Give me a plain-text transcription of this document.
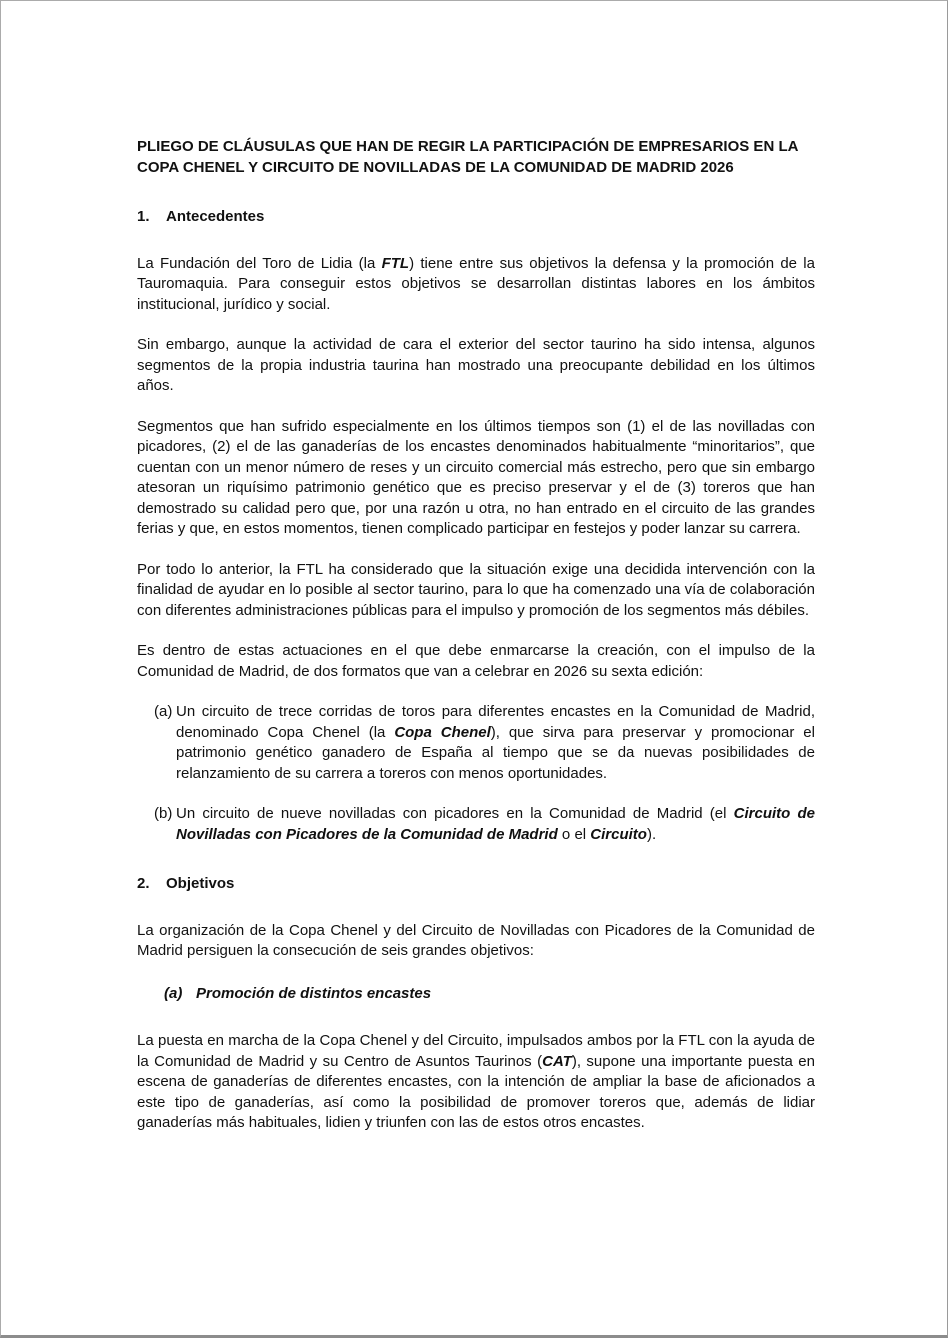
PLIEGO DE CLÁUSULAS QUE HAN DE REGIR LA PARTICIPACIÓN DE EMPRESARIOS EN LA COPA CHENEL Y CIRCUITO DE NOVILLADAS DE LA COMUNIDAD DE MADRID 2026
1. Antecedentes
La Fundación del Toro de Lidia (la FTL) tiene entre sus objetivos la defensa y la promoción de la Tauromaquia. Para conseguir estos objetivos se desarrollan distintas labores en los ámbitos institucional, jurídico y social.
Sin embargo, aunque la actividad de cara el exterior del sector taurino ha sido intensa, algunos segmentos de la propia industria taurina han mostrado una preocupante debilidad en los últimos años.
Segmentos que han sufrido especialmente en los últimos tiempos son (1) el de las novilladas con picadores, (2) el de las ganaderías de los encastes denominados habitualmente “minoritarios”, que cuentan con un menor número de reses y un circuito comercial más estrecho, pero que sin embargo atesoran un riquísimo patrimonio genético que es preciso preservar y el de (3) toreros que han demostrado su calidad pero que, por una razón u otra, no han entrado en el circuito de las grandes ferias y que, en estos momentos, tienen complicado participar en festejos y poder lanzar su carrera.
Por todo lo anterior, la FTL ha considerado que la situación exige una decidida intervención con la finalidad de ayudar en lo posible al sector taurino, para lo que ha comenzado una vía de colaboración con diferentes administraciones públicas para el impulso y promoción de los segmentos más débiles.
Es dentro de estas actuaciones en el que debe enmarcarse la creación, con el impulso de la Comunidad de Madrid, de dos formatos que van a celebrar en 2026 su sexta edición:
(a) Un circuito de trece corridas de toros para diferentes encastes en la Comunidad de Madrid, denominado Copa Chenel (la Copa Chenel), que sirva para preservar y promocionar el patrimonio genético ganadero de España al tiempo que se da nuevas posibilidades de relanzamiento de su carrera a toreros con menos oportunidades.
(b) Un circuito de nueve novilladas con picadores en la Comunidad de Madrid (el Circuito de Novilladas con Picadores de la Comunidad de Madrid o el Circuito).
2. Objetivos
La organización de la Copa Chenel y del Circuito de Novilladas con Picadores de la Comunidad de Madrid persiguen la consecución de seis grandes objetivos:
(a) Promoción de distintos encastes
La puesta en marcha de la Copa Chenel y del Circuito, impulsados ambos por la FTL con la ayuda de la Comunidad de Madrid y su Centro de Asuntos Taurinos (CAT), supone una importante puesta en escena de ganaderías de diferentes encastes, con la intención de ampliar la base de aficionados a este tipo de ganaderías, así como la posibilidad de promover toreros que, además de lidiar ganaderías más habituales, lidien y triunfen con las de estos otros encastes.
